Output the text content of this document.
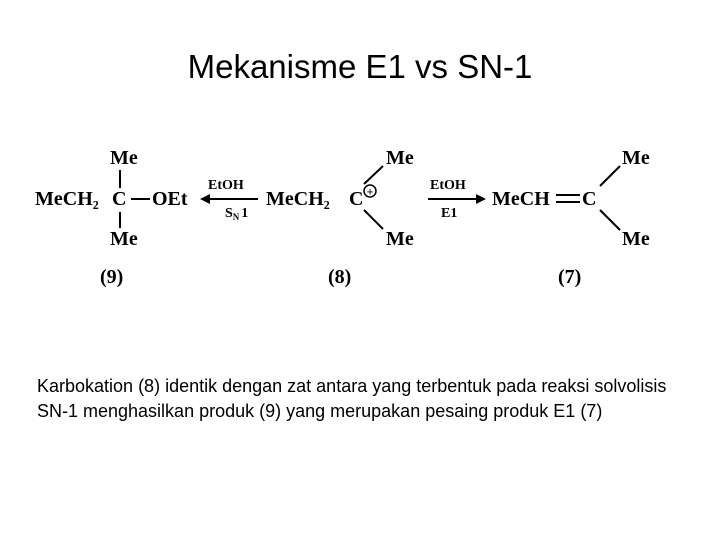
Mekanisme E1 vs SN-1
Me
MeCH₂ C OEt
Me
(9)
EtOH
$S_N$ 1
MeCH₂ C +
Me
Me
(8)
EtOH
E1
MeCH C
Me
Me
(7)
Karbokation (8) identik dengan zat antara yang terbentuk pada reaksi solvolisis SN-1 menghasilkan produk (9) yang merupakan pesaing produk E1 (7)
